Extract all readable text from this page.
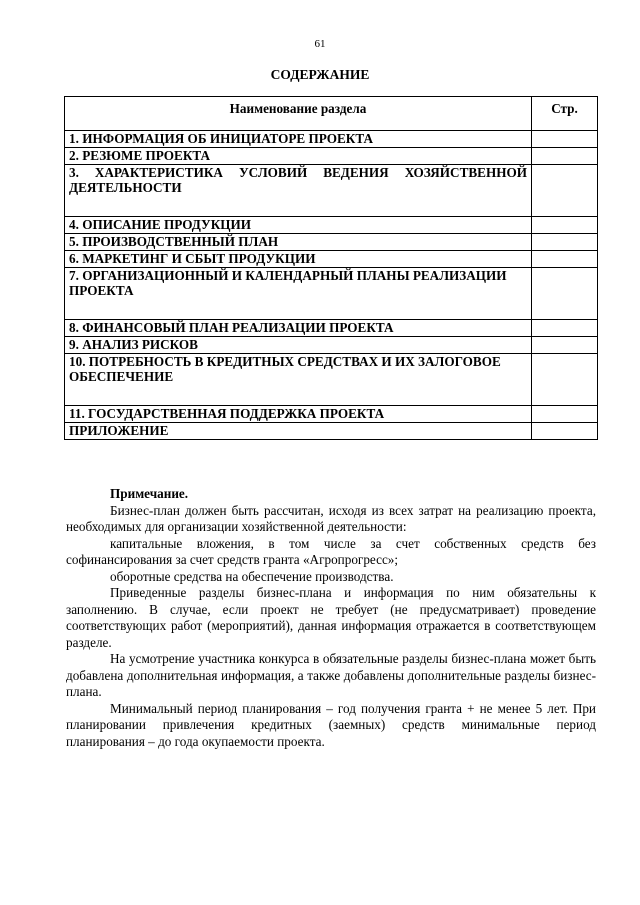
61
СОДЕРЖАНИЕ
Наименование раздела	Стр.
1. ИНФОРМАЦИЯ ОБ ИНИЦИАТОРЕ ПРОЕКТА	
2. РЕЗЮМЕ ПРОЕКТА	
3. ХАРАКТЕРИСТИКА УСЛОВИЙ ВЕДЕНИЯ ХОЗЯЙСТВЕННОЙ ДЕЯТЕЛЬНОСТИ	
4. ОПИСАНИЕ ПРОДУКЦИИ	
5. ПРОИЗВОДСТВЕННЫЙ ПЛАН	
6. МАРКЕТИНГ И СБЫТ ПРОДУКЦИИ	
7. ОРГАНИЗАЦИОННЫЙ И КАЛЕНДАРНЫЙ ПЛАНЫ РЕАЛИЗАЦИИ ПРОЕКТА	
8. ФИНАНСОВЫЙ ПЛАН РЕАЛИЗАЦИИ ПРОЕКТА	
9. АНАЛИЗ РИСКОВ	
10. ПОТРЕБНОСТЬ В КРЕДИТНЫХ СРЕДСТВАХ И ИХ ЗАЛОГОВОЕ ОБЕСПЕЧЕНИЕ	
11. ГОСУДАРСТВЕННАЯ ПОДДЕРЖКА ПРОЕКТА	
ПРИЛОЖЕНИЕ	

Примечание.

Бизнес-план должен быть рассчитан, исходя из всех затрат на реализацию проекта, необходимых для организации хозяйственной деятельности:

капитальные вложения, в том числе за счет собственных средств без софинансирования за счет средств гранта «Агропрогресс»;

оборотные средства на обеспечение производства.

Приведенные разделы бизнес-плана и информация по ним обязательны к заполнению. В случае, если проект не требует (не предусматривает) проведение соответствующих работ (мероприятий), данная информация отражается в соответствующем разделе.

На усмотрение участника конкурса в обязательные разделы бизнес-плана может быть добавлена дополнительная информация, а также добавлены дополнительные разделы бизнес-плана.

Минимальный период планирования – год получения гранта + не менее 5 лет. При планировании привлечения кредитных (заемных) средств минимальные период планирования – до года окупаемости проекта.
